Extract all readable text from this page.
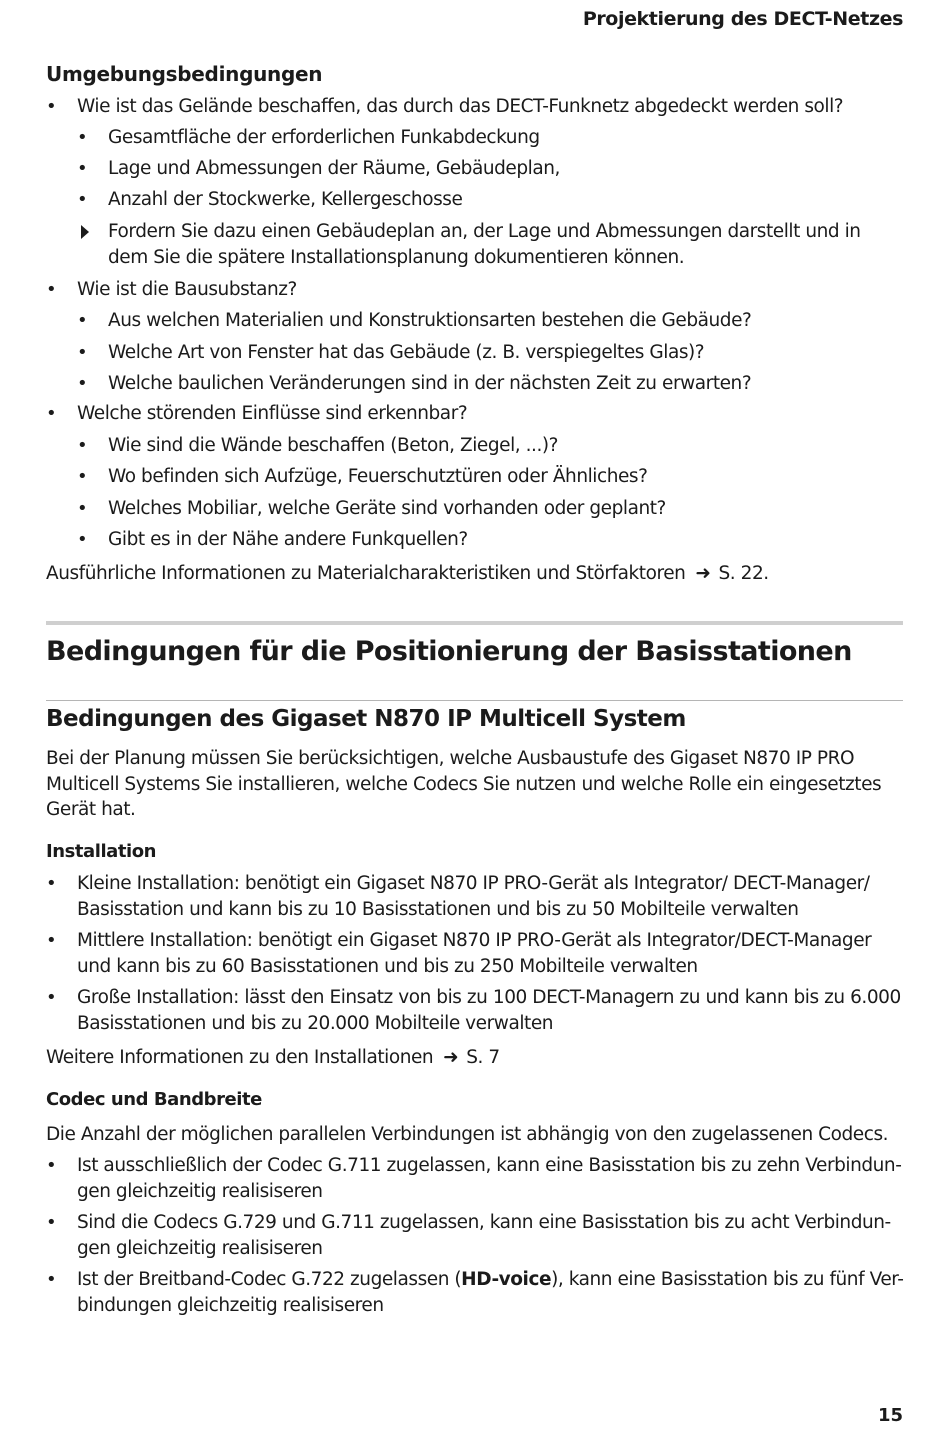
Projektierung des DECT-Netzes
Umgebungsbedingungen
• Wie ist das Gelände beschaffen, das durch das DECT-Funknetz abgedeckt werden soll?
• Gesamtfläche der erforderlichen Funkabdeckung
• Lage und Abmessungen der Räume, Gebäudeplan,
• Anzahl der Stockwerke, Kellergeschosse
Fordern Sie dazu einen Gebäudeplan an, der Lage und Abmessungen darstellt und in
dem Sie die spätere Installationsplanung dokumentieren können.
• Wie ist die Bausubstanz?
• Aus welchen Materialien und Konstruktionsarten bestehen die Gebäude?
• Welche Art von Fenster hat das Gebäude (z. B. verspiegeltes Glas)?
• Welche baulichen Veränderungen sind in der nächsten Zeit zu erwarten?
• Welche störenden Einflüsse sind erkennbar?
• Wie sind die Wände beschaffen (Beton, Ziegel, ...)?
• Wo befinden sich Aufzüge, Feuerschutztüren oder Ähnliches?
• Welches Mobiliar, welche Geräte sind vorhanden oder geplant?
• Gibt es in der Nähe andere Funkquellen?
Ausführliche Informationen zu Materialcharakteristiken und Störfaktoren ➜ S. 22.
Bedingungen für die Positionierung der Basisstationen
Bedingungen des Gigaset N870 IP Multicell System
Bei der Planung müssen Sie berücksichtigen, welche Ausbaustufe des Gigaset N870 IP PRO
Multicell Systems Sie installieren, welche Codecs Sie nutzen und welche Rolle ein eingesetztes
Gerät hat.
Installation
• Kleine Installation: benötigt ein Gigaset N870 IP PRO-Gerät als Integrator/ DECT-Manager/
Basisstation und kann bis zu 10 Basisstationen und bis zu 50 Mobilteile verwalten
• Mittlere Installation: benötigt ein Gigaset N870 IP PRO-Gerät als Integrator/DECT-Manager
und kann bis zu 60 Basisstationen und bis zu 250 Mobilteile verwalten
• Große Installation: lässt den Einsatz von bis zu 100 DECT-Managern zu und kann bis zu 6.000
Basisstationen und bis zu 20.000 Mobilteile verwalten
Weitere Informationen zu den Installationen ➜ S. 7
Codec und Bandbreite
Die Anzahl der möglichen parallelen Verbindungen ist abhängig von den zugelassenen Codecs.
• Ist ausschließlich der Codec G.711 zugelassen, kann eine Basisstation bis zu zehn Verbindun-
gen gleichzeitig realisiseren
• Sind die Codecs G.729 und G.711 zugelassen, kann eine Basisstation bis zu acht Verbindun-
gen gleichzeitig realisiseren
• Ist der Breitband-Codec G.722 zugelassen (HD-voice), kann eine Basisstation bis zu fünf Ver-
bindungen gleichzeitig realisiseren
15
